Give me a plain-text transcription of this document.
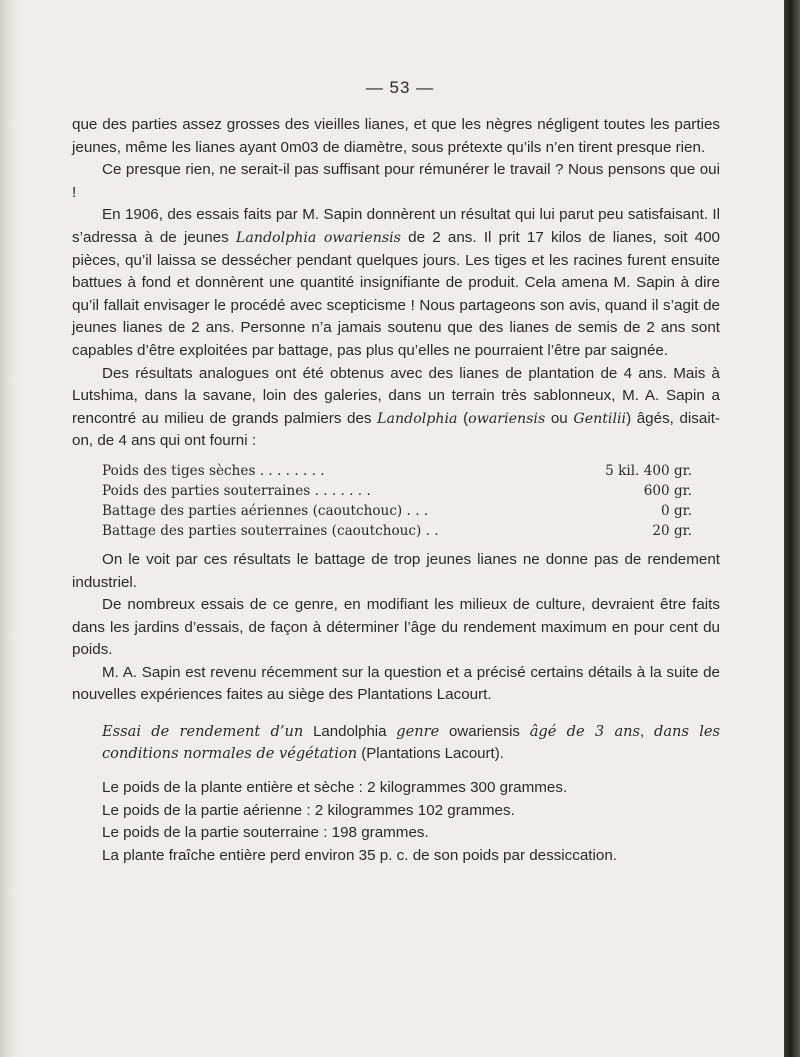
— 53 —

que des parties assez grosses des vieilles lianes, et que les nègres négligent toutes les parties jeunes, même les lianes ayant 0m03 de diamètre, sous prétexte qu’ils n’en tirent presque rien.

Ce presque rien, ne serait-il pas suffisant pour rémunérer le travail ? Nous pensons que oui !

En 1906, des essais faits par M. Sapin donnèrent un résultat qui lui parut peu satisfaisant. Il s’adressa à de jeunes Landolphia owariensis de 2 ans. Il prit 17 kilos de lianes, soit 400 pièces, qu’il laissa se dessécher pendant quelques jours. Les tiges et les racines furent ensuite battues à fond et donnèrent une quantité insignifiante de produit. Cela amena M. Sapin à dire qu’il fallait envisager le procédé avec scepticisme ! Nous partageons son avis, quand il s’agit de jeunes lianes de 2 ans. Personne n’a jamais soutenu que des lianes de semis de 2 ans sont capables d’être exploitées par battage, pas plus qu’elles ne pourraient l’être par saignée.

Des résultats analogues ont été obtenus avec des lianes de plantation de 4 ans. Mais à Lutshima, dans la savane, loin des galeries, dans un terrain très sablonneux, M. A. Sapin a rencontré au milieu de grands palmiers des Landolphia (owariensis ou Gentilii) âgés, disait-on, de 4 ans qui ont fourni :

Poids des tiges sèches . . . . . . . .	5 kil. 400 gr.
Poids des parties souterraines . . . . . . .	600 gr.
Battage des parties aériennes (caoutchouc) . . .	0 gr.
Battage des parties souterraines (caoutchouc) . .	20 gr.

On le voit par ces résultats le battage de trop jeunes lianes ne donne pas de rendement industriel.

De nombreux essais de ce genre, en modifiant les milieux de culture, devraient être faits dans les jardins d’essais, de façon à déterminer l’âge du rendement maximum en pour cent du poids.

M. A. Sapin est revenu récemment sur la question et a précisé certains détails à la suite de nouvelles expériences faites au siège des Plantations Lacourt.

Essai de rendement d’un Landolphia genre owariensis âgé de 3 ans, dans les conditions normales de végétation (Plantations Lacourt).

Le poids de la plante entière et sèche : 2 kilogrammes 300 grammes.

Le poids de la partie aérienne : 2 kilogrammes 102 grammes.

Le poids de la partie souterraine : 198 grammes.

La plante fraîche entière perd environ 35 p. c. de son poids par dessiccation.
